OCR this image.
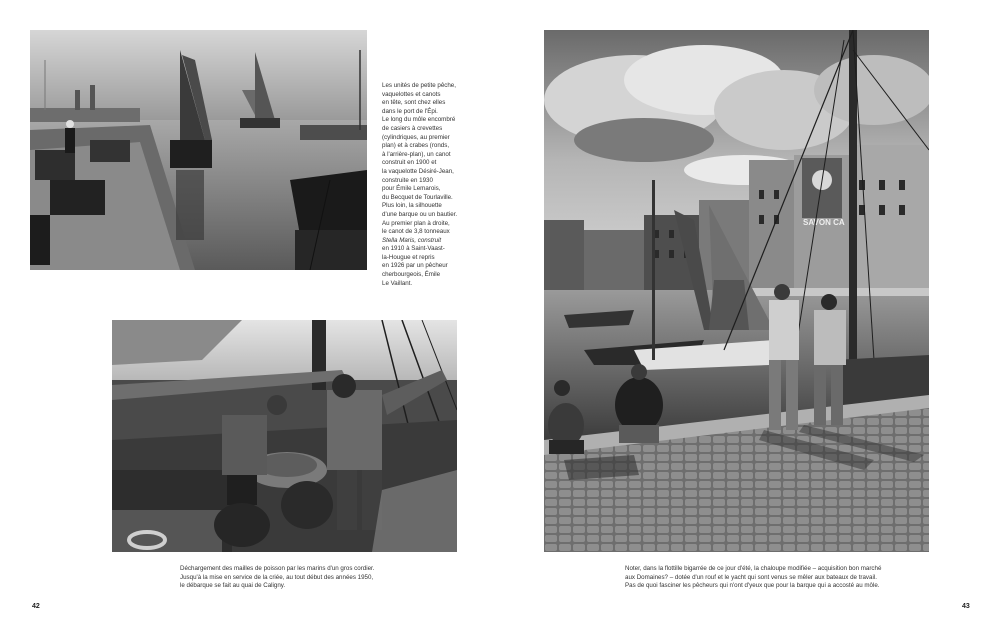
Les unités de petite pêche,

vaquelottes et canots

en tête, sont chez elles

dans le port de l'Épi.

Le long du môle encombré

de casiers à crevettes

(cylindriques, au premier

plan) et à crabes (ronds,

à l'arrière-plan), un canot

construit en 1900 et

la vaquelotte Désiré-Jean,

construite en 1930

pour Émile Lemarois,

du Becquet de Tourlaville.

Plus loin, la silhouette

d'une barque ou un bautier.

Au premier plan à droite,

le canot de 3,8 tonneaux

Stella Maris, construit

en 1910 à Saint-Vaast-

la-Hougue et repris

en 1926 par un pêcheur

cherbourgeois, Émile

Le Vaillant.

Déchargement des mailles de poisson par les marins d'un gros cordier.

Jusqu'à la mise en service de la criée, au tout début des années 1950,

le débarque se fait au quai de Caligny.

42
SAVON CA

Noter, dans la flottille bigarrée de ce jour d'été, la chaloupe modifiée – acquisition bon marché

aux Domaines? – dotée d'un rouf et le yacht qui sont venus se mêler aux bateaux de travail.

Pas de quoi fasciner les pêcheurs qui n'ont d'yeux que pour la barque qui a accosté au môle.

43
